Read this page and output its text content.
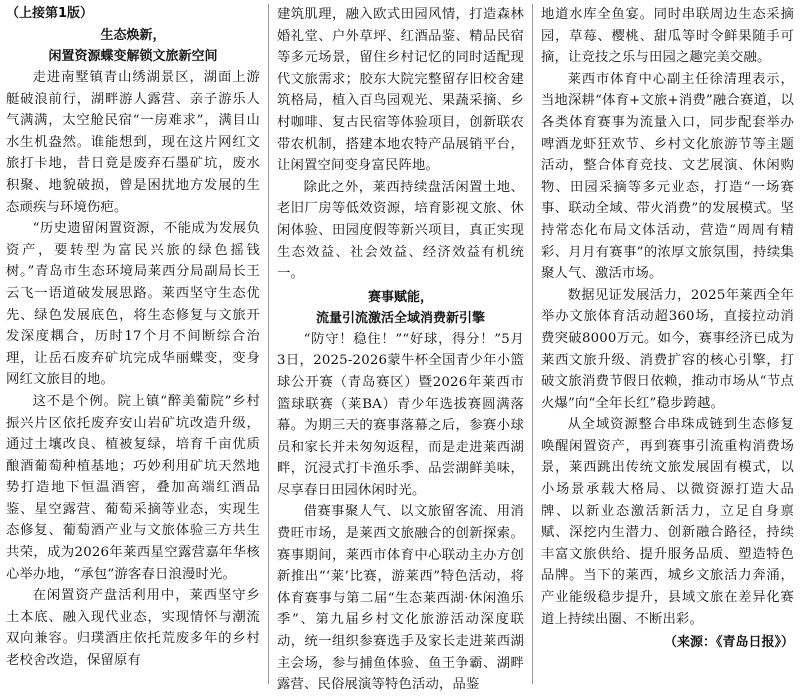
（上接第1版）
生态焕新，
闲置资源蝶变解锁文旅新空间

走进南墅镇青山绣湖景区，湖面上游艇破浪前行，湖畔游人露营、亲子游乐人气满满，太空舱民宿“一房难求”，满目山水生机盎然。谁能想到，现在这片网红文旅打卡地，昔日竟是废弃石墨矿坑，废水积聚、地貌破损，曾是困扰地方发展的生态顽疾与环境伤疤。

“历史遗留闲置资源，不能成为发展负资产，要转型为富民兴旅的绿色摇钱树。”青岛市生态环境局莱西分局副局长王云飞一语道破发展思路。莱西坚守生态优先、绿色发展底色，将生态修复与文旅开发深度耦合，历时17个月不间断综合治理，让岳石废弃矿坑完成华丽蝶变，变身网红文旅目的地。

这不是个例。院上镇“醉美葡院”乡村振兴片区依托废弃安山岩矿坑改造升级，通过土壤改良、植被复绿，培育千亩优质酿酒葡萄种植基地；巧妙利用矿坑天然地势打造地下恒温酒窖，叠加高端红酒品鉴、星空露营、葡萄采摘等业态，实现生态修复、葡萄酒产业与文旅体验三方共生共荣，成为2026年莱西星空露营嘉年华核心举办地，“承包”游客春日浪漫时光。

在闲置资产盘活利用中，莱西坚守乡土本底、融入现代业态，实现情怀与潮流双向兼容。归璞酒庄依托荒废多年的乡村老校舍改造，保留原有

建筑肌理，融入欧式田园风情，打造森林婚礼堂、户外草坪、红酒品鉴、精品民宿等多元场景，留住乡村记忆的同时适配现代文旅需求；胶东大院完整留存旧校舍建筑格局，植入百鸟园观光、果蔬采摘、乡村咖啡、复古民宿等体验项目，创新联农带农机制，搭建本地农特产品展销平台，让闲置空间变身富民阵地。

除此之外，莱西持续盘活闲置土地、老旧厂房等低效资源，培育影视文旅、休闲体验、田园度假等新兴项目，真正实现生态效益、社会效益、经济效益有机统一。

赛事赋能，
流量引流激活全域消费新引擎

“防守！稳住！”“好球，得分！”5月3日，2025-2026蒙牛杯全国青少年小篮球公开赛（青岛赛区）暨2026年莱西市篮球联赛（莱BA）青少年选拔赛圆满落幕。为期三天的赛事落幕之后，参赛小球员和家长并未匆匆返程，而是走进莱西湖畔，沉浸式打卡渔乐季、品尝湖鲜美味，尽享春日田园休闲时光。

借赛事聚人气、以文旅留客流、用消费旺市场，是莱西文旅融合的创新探索。赛事期间，莱西市体育中心联动主办方创新推出“‘莱’比赛，游莱西”特色活动，将体育赛事与第二届“生态莱西湖·休闲渔乐季”、第九届乡村文化旅游活动深度联动，统一组织参赛选手及家长走进莱西湖主会场，参与捕鱼体验、鱼王争霸、湖畔露营、民俗展演等特色活动，品鉴

地道水库全鱼宴。同时串联周边生态采摘园，草莓、樱桃、甜瓜等时令鲜果随手可摘，让竞技之乐与田园之趣完美交融。

莱西市体育中心副主任徐清理表示，当地深耕“体育+文旅+消费”融合赛道，以各类体育赛事为流量入口，同步配套举办啤酒龙虾狂欢节、乡村文化旅游节等主题活动，整合体育竞技、文艺展演、休闲购物、田园采摘等多元业态，打造“一场赛事、联动全域、带火消费”的发展模式。坚持常态化布局文体活动，营造“周周有精彩、月月有赛事”的浓厚文旅氛围，持续集聚人气、激活市场。

数据见证发展活力，2025年莱西全年举办文旅体育活动超360场，直接拉动消费突破8000万元。如今，赛事经济已成为莱西文旅升级、消费扩容的核心引擎，打破文旅消费节假日依赖，推动市场从“节点火爆”向“全年长红”稳步跨越。

从全域资源整合串珠成链到生态修复唤醒闲置资产，再到赛事引流重构消费场景，莱西跳出传统文旅发展固有模式，以小场景承载大格局、以微资源打造大品牌、以新业态激活新活力，立足自身禀赋、深挖内生潜力、创新融合路径，持续丰富文旅供给、提升服务品质、塑造特色品牌。当下的莱西，城乡文旅活力奔涌，产业能级稳步提升，县域文旅在差异化赛道上持续出圈、不断出彩。

（来源：《青岛日报》）
